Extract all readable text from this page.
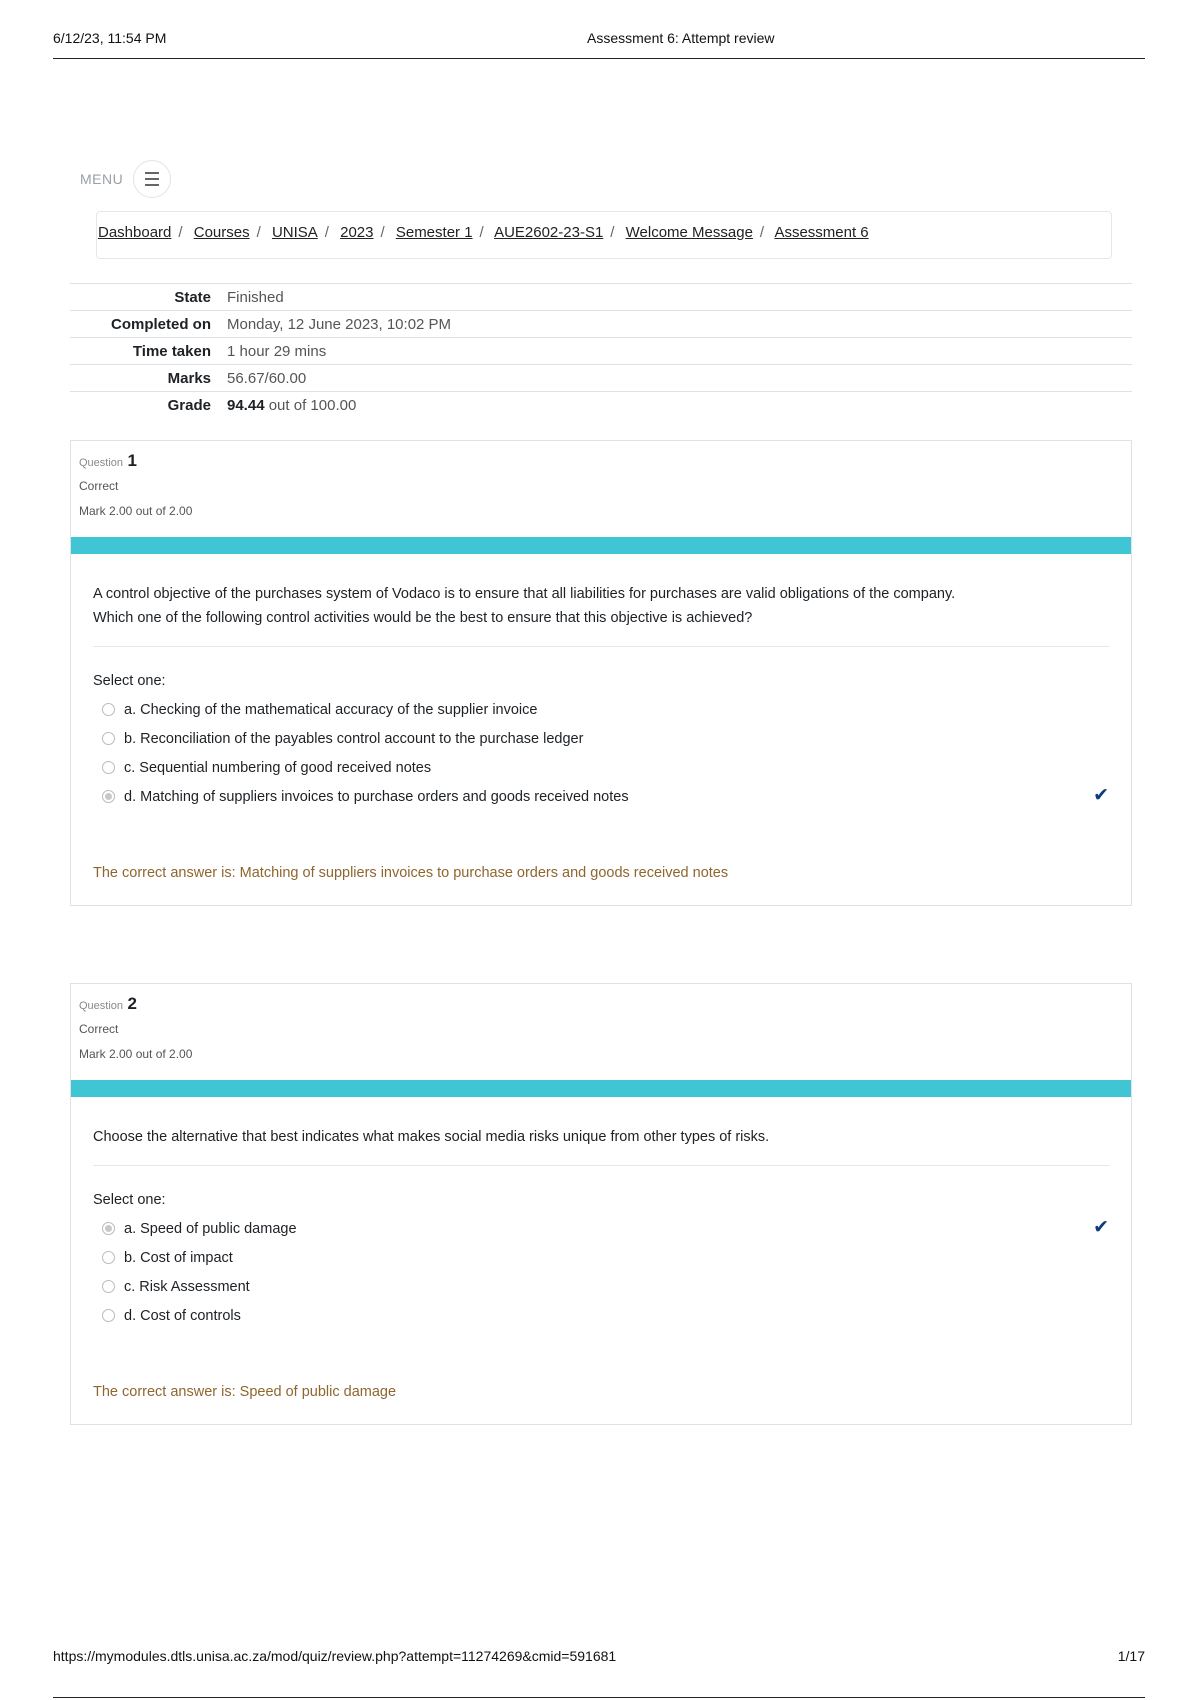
6/12/23, 11:54 PM	Assessment 6: Attempt review
MENU
Dashboard / Courses / UNISA / 2023 / Semester 1 / AUE2602-23-S1 / Welcome Message / Assessment 6
State	Finished
Completed on	Monday, 12 June 2023, 10:02 PM
Time taken	1 hour 29 mins
Marks	56.67/60.00
Grade	94.44 out of 100.00
Question 1
Correct
Mark 2.00 out of 2.00
A control objective of the purchases system of Vodaco is to ensure that all liabilities for purchases are valid obligations of the company.
Which one of the following control activities would be the best to ensure that this objective is achieved?
Select one:
a. Checking of the mathematical accuracy of the supplier invoice
b. Reconciliation of the payables control account to the purchase ledger
c. Sequential numbering of good received notes
d. Matching of suppliers invoices to purchase orders and goods received notes	✔
The correct answer is: Matching of suppliers invoices to purchase orders and goods received notes
Question 2
Correct
Mark 2.00 out of 2.00
Choose the alternative that best indicates what makes social media risks unique from other types of risks.
Select one:
a. Speed of public damage	✔
b. Cost of impact
c. Risk Assessment
d. Cost of controls
The correct answer is: Speed of public damage
https://mymodules.dtls.unisa.ac.za/mod/quiz/review.php?attempt=11274269&cmid=591681	1/17
